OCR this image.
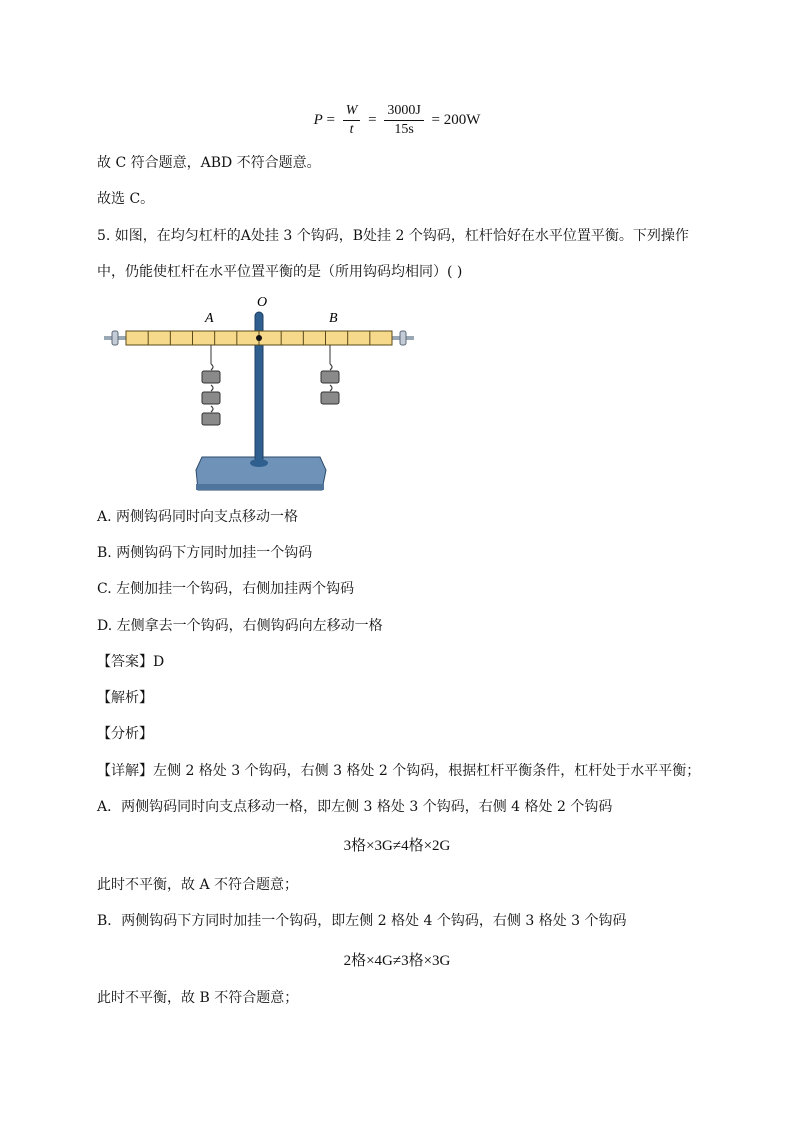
$P = \frac{W}{t} = \frac{3000J}{15s} = 200W$
故 C 符合题意，ABD 不符合题意。
故选 C。
5. 如图，在均匀杠杆的A处挂 3 个钩码，B处挂 2 个钩码，杠杆恰好在水平位置平衡。下列操作
中，仍能使杠杆在水平位置平衡的是（所用钩码均相同）( )
O
A	B
A. 两侧钩码同时向支点移动一格
B. 两侧钩码下方同时加挂一个钩码
C. 左侧加挂一个钩码，右侧加挂两个钩码
D. 左侧拿去一个钩码，右侧钩码向左移动一格
【答案】D
【解析】
【分析】
【详解】左侧 2 格处 3 个钩码，右侧 3 格处 2 个钩码，根据杠杆平衡条件，杠杆处于水平平衡；
A．两侧钩码同时向支点移动一格，即左侧 3 格处 3 个钩码，右侧 4 格处 2 个钩码
3格×3G≠4格×2G
此时不平衡，故 A 不符合题意；
B．两侧钩码下方同时加挂一个钩码，即左侧 2 格处 4 个钩码，右侧 3 格处 3 个钩码
2格×4G≠3格×3G
此时不平衡，故 B 不符合题意；
